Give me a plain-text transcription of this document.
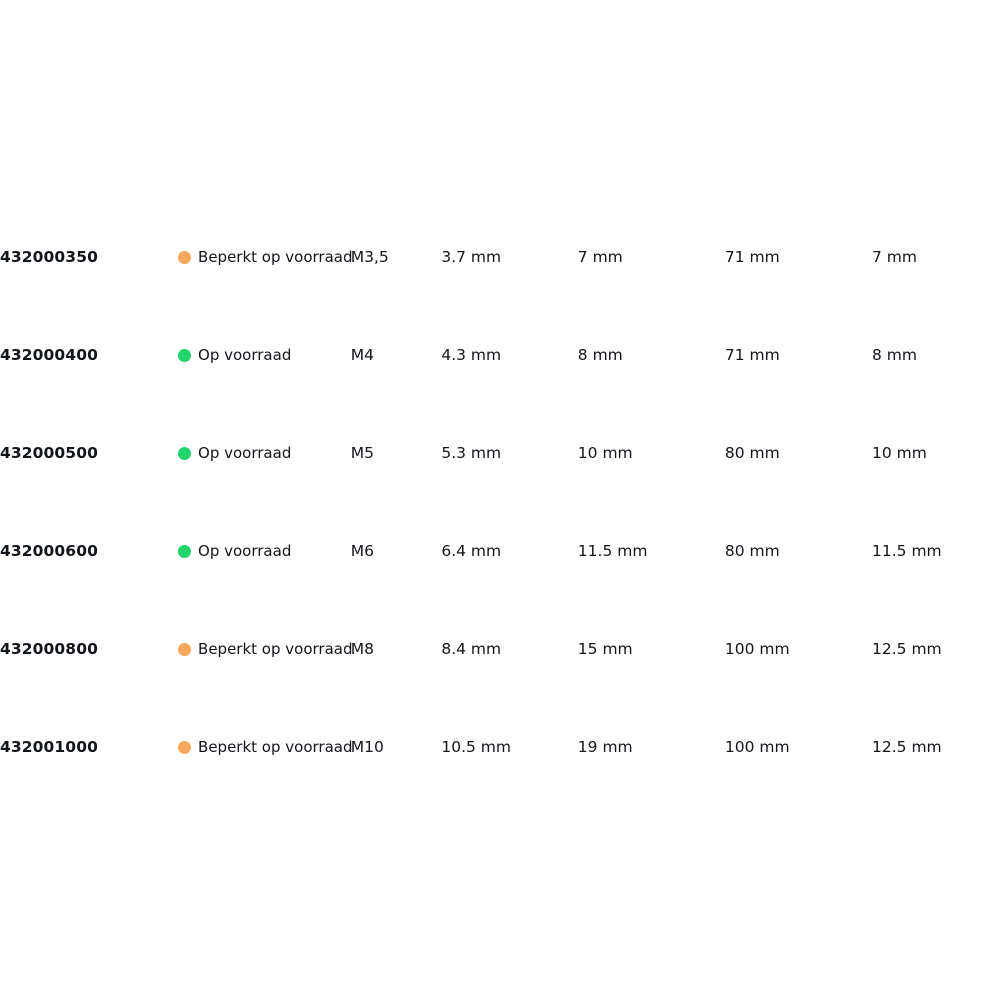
432000350	Beperkt op voorraad	M3,5	3.7 mm	7 mm	71 mm	7 mm
432000400	Op voorraad	M4	4.3 mm	8 mm	71 mm	8 mm
432000500	Op voorraad	M5	5.3 mm	10 mm	80 mm	10 mm
432000600	Op voorraad	M6	6.4 mm	11.5 mm	80 mm	11.5 mm
432000800	Beperkt op voorraad	M8	8.4 mm	15 mm	100 mm	12.5 mm
432001000	Beperkt op voorraad	M10	10.5 mm	19 mm	100 mm	12.5 mm
